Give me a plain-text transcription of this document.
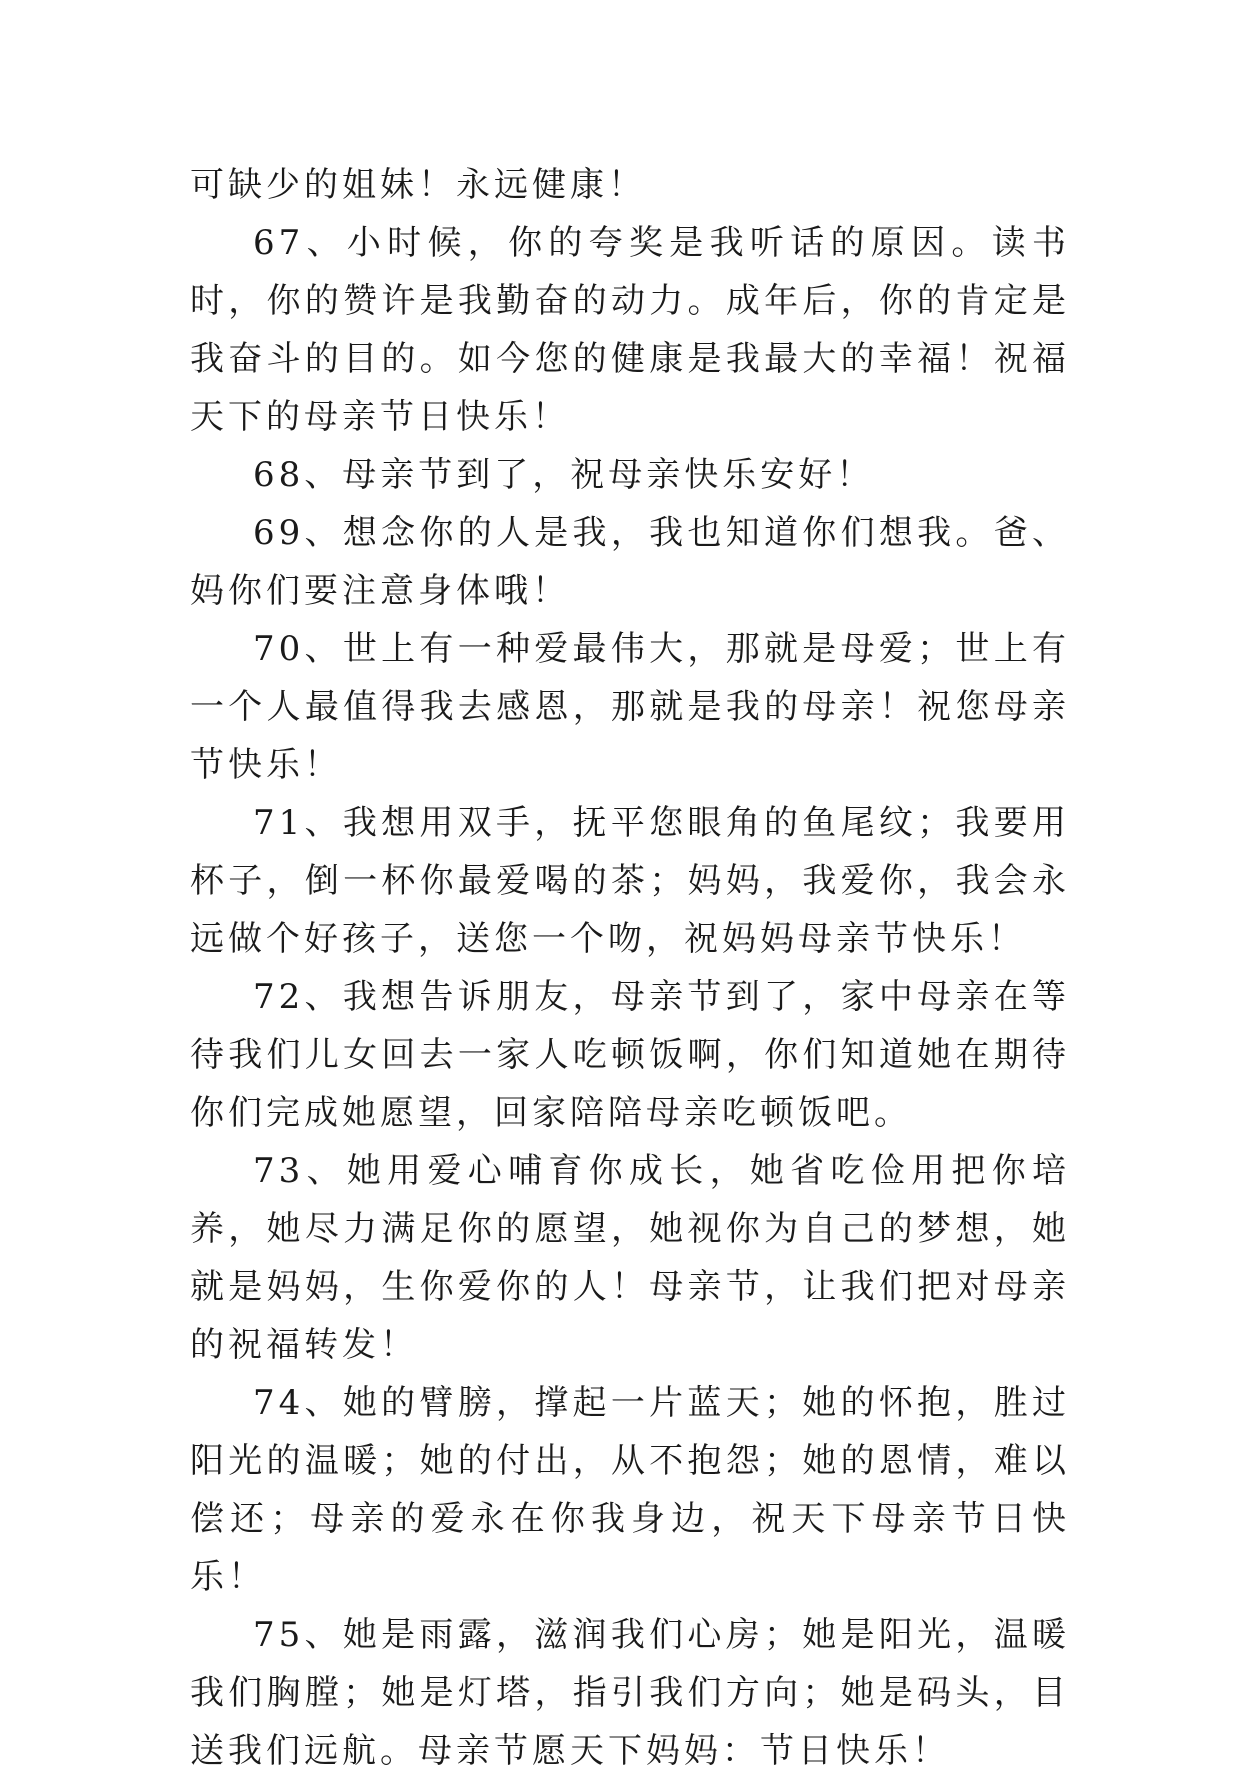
可缺少的姐妹！永远健康！

67、小时候，你的夸奖是我听话的原因。读书时，你的赞许是我勤奋的动力。成年后，你的肯定是我奋斗的目的。如今您的健康是我最大的幸福！祝福天下的母亲节日快乐！

68、母亲节到了，祝母亲快乐安好！

69、想念你的人是我，我也知道你们想我。爸、妈你们要注意身体哦！

70、世上有一种爱最伟大，那就是母爱；世上有一个人最值得我去感恩，那就是我的母亲！祝您母亲节快乐！

71、我想用双手，抚平您眼角的鱼尾纹；我要用杯子，倒一杯你最爱喝的茶；妈妈，我爱你，我会永远做个好孩子，送您一个吻，祝妈妈母亲节快乐！

72、我想告诉朋友，母亲节到了，家中母亲在等待我们儿女回去一家人吃顿饭啊，你们知道她在期待你们完成她愿望，回家陪陪母亲吃顿饭吧。

73、她用爱心哺育你成长，她省吃俭用把你培养，她尽力满足你的愿望，她视你为自己的梦想，她就是妈妈，生你爱你的人！母亲节，让我们把对母亲的祝福转发！

74、她的臂膀，撑起一片蓝天；她的怀抱，胜过阳光的温暖；她的付出，从不抱怨；她的恩情，难以偿还；母亲的爱永在你我身边，祝天下母亲节日快乐！

75、她是雨露，滋润我们心房；她是阳光，温暖我们胸膛；她是灯塔，指引我们方向；她是码头，目送我们远航。母亲节愿天下妈妈：节日快乐！
